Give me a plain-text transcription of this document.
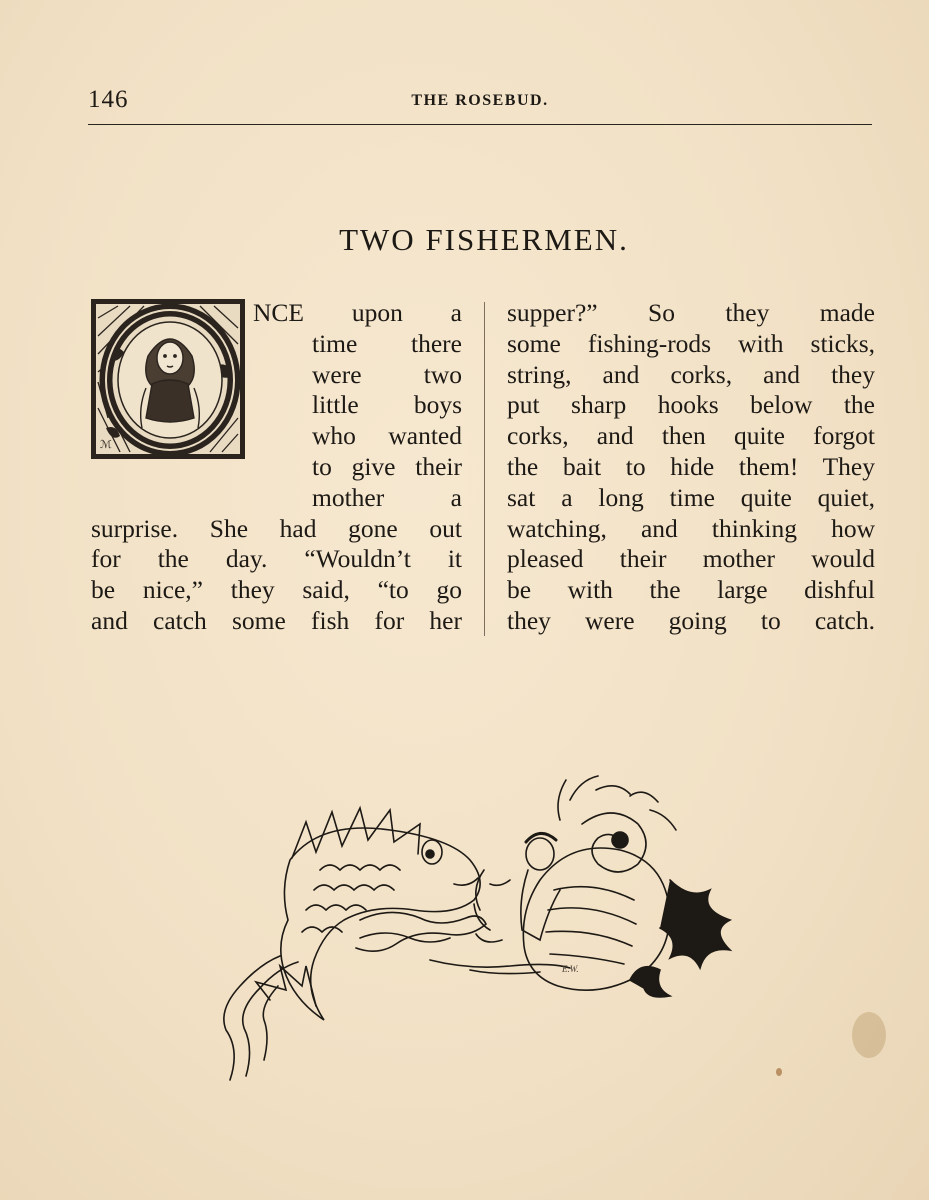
146	THE ROSEBUD.
TWO FISHERMEN.
ℳ
NCE upon a
time there
were two
little boys
who wanted
to give their
mother a
surprise. She had gone out
for the day. “Wouldn’t it
be nice,” they said, “to go
and catch some fish for her
supper?” So they made
some fishing-rods with sticks,
string, and corks, and they
put sharp hooks below the
corks, and then quite forgot
the bait to hide them! They
sat a long time quite quiet,
watching, and thinking how
pleased their mother would
be with the large dishful
they were going to catch.
E.W.
